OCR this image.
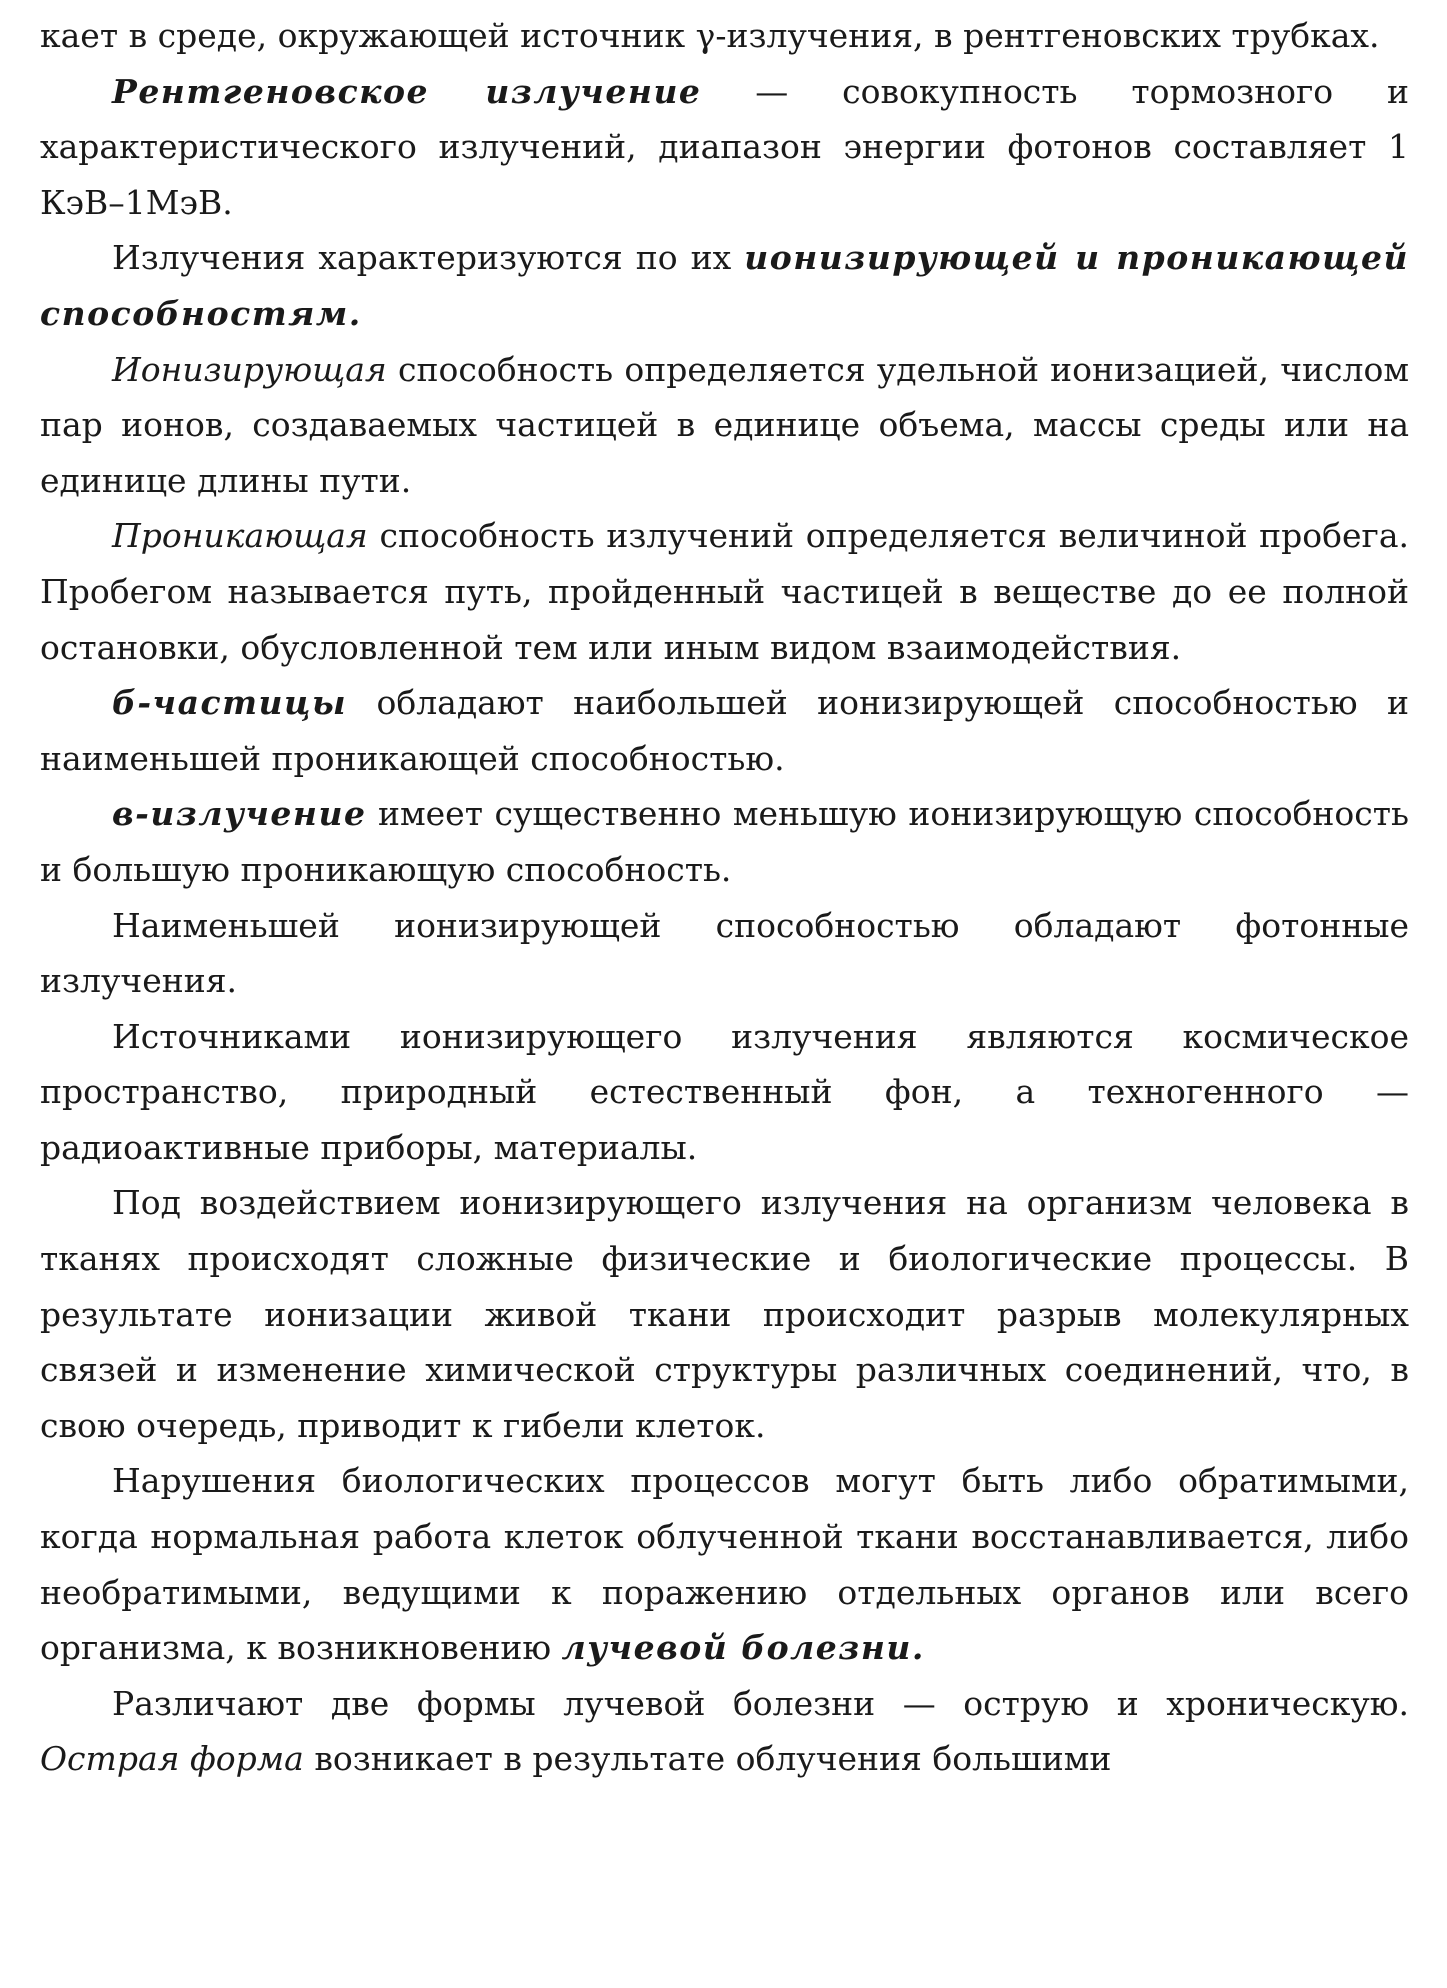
кает в среде, окружающей источник γ-излучения, в рентгеновских трубках.

Рентгеновское излучение — совокупность тормозного и характеристического излучений, диапазон энергии фотонов составляет 1 КэВ–1МэВ.

Излучения характеризуются по их ионизирующей и проникающей способностям.

Ионизирующая способность определяется удельной ионизацией, числом пар ионов, создаваемых частицей в единице объема, массы среды или на единице длины пути.

Проникающая способность излучений определяется величиной пробега. Пробегом называется путь, пройденный частицей в веществе до ее полной остановки, обусловленной тем или иным видом взаимодействия.

б-частицы обладают наибольшей ионизирующей способностью и наименьшей проникающей способностью.

в-излучение имеет существенно меньшую ионизирующую способность и большую проникающую способность.

Наименьшей ионизирующей способностью обладают фотонные излучения.

Источниками ионизирующего излучения являются космическое пространство, природный естественный фон, а техногенного — радиоактивные приборы, материалы.

Под воздействием ионизирующего излучения на организм человека в тканях происходят сложные физические и биологические процессы. В результате ионизации живой ткани происходит разрыв молекулярных связей и изменение химической структуры различных соединений, что, в свою очередь, приводит к гибели клеток.

Нарушения биологических процессов могут быть либо обратимыми, когда нормальная работа клеток облученной ткани восстанавливается, либо необратимыми, ведущими к поражению отдельных органов или всего организма, к возникновению лучевой болезни.

Различают две формы лучевой болезни — острую и хроническую. Острая форма возникает в результате облучения большими
